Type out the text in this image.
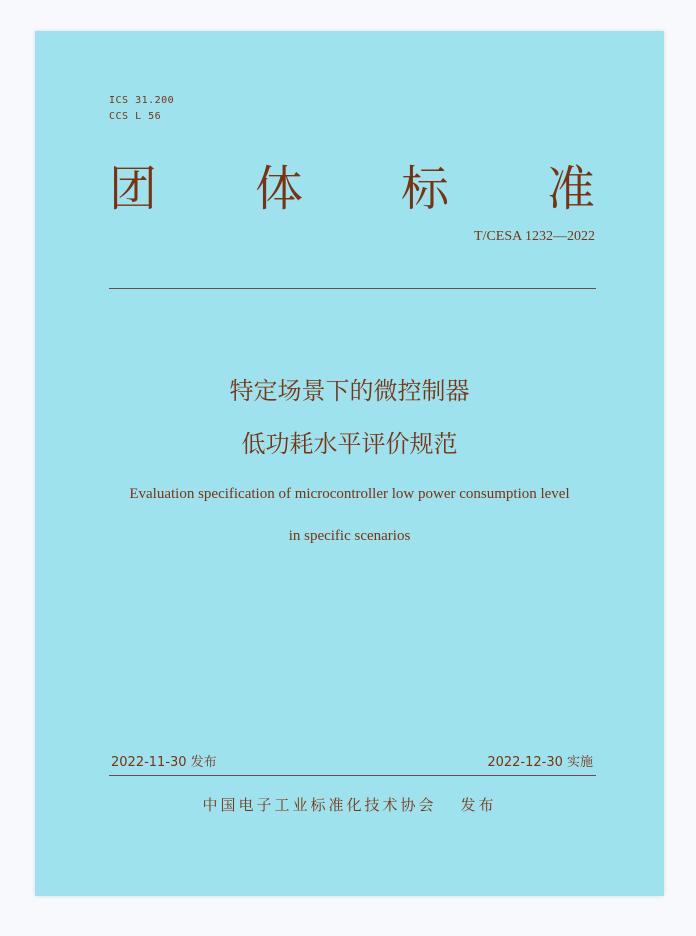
ICS 31.200
CCS L 56
团 体 标 准
T/CESA 1232—2022
特定场景下的微控制器
低功耗水平评价规范
Evaluation specification of microcontroller low power consumption level
in specific scenarios
2022-11-30 发布	2022-12-30 实施
中国电子工业标准化技术协会 发布
